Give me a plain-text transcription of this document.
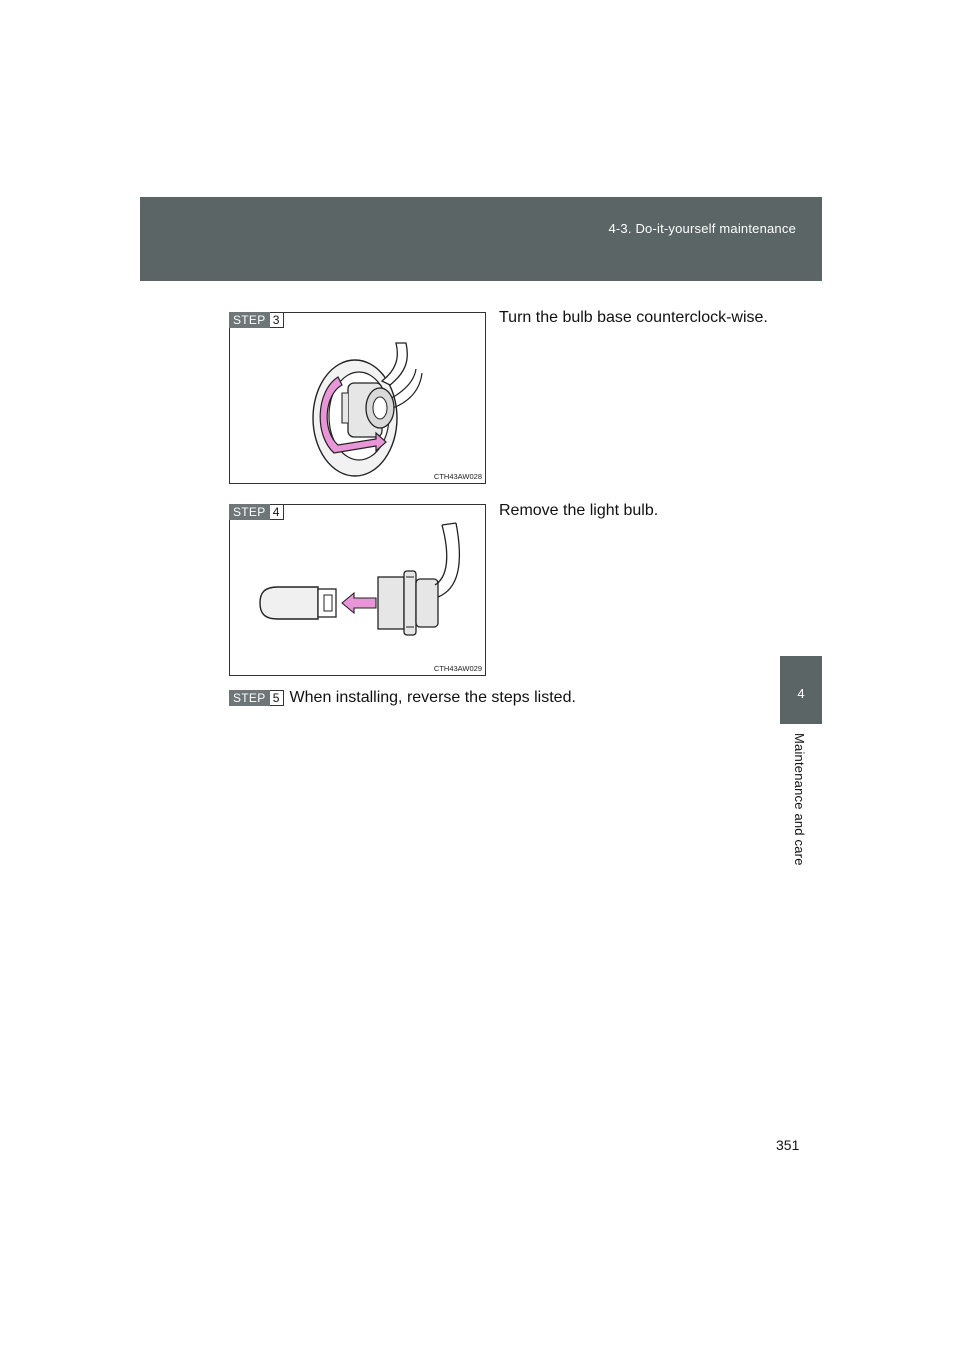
4-3. Do-it-yourself maintenance
4
Maintenance and care
STEP 3
CTH43AW028
Turn the bulb base counterclock-wise.
STEP 4
CTH43AW029
Remove the light bulb.
STEP 5 When installing, reverse the steps listed.
351
